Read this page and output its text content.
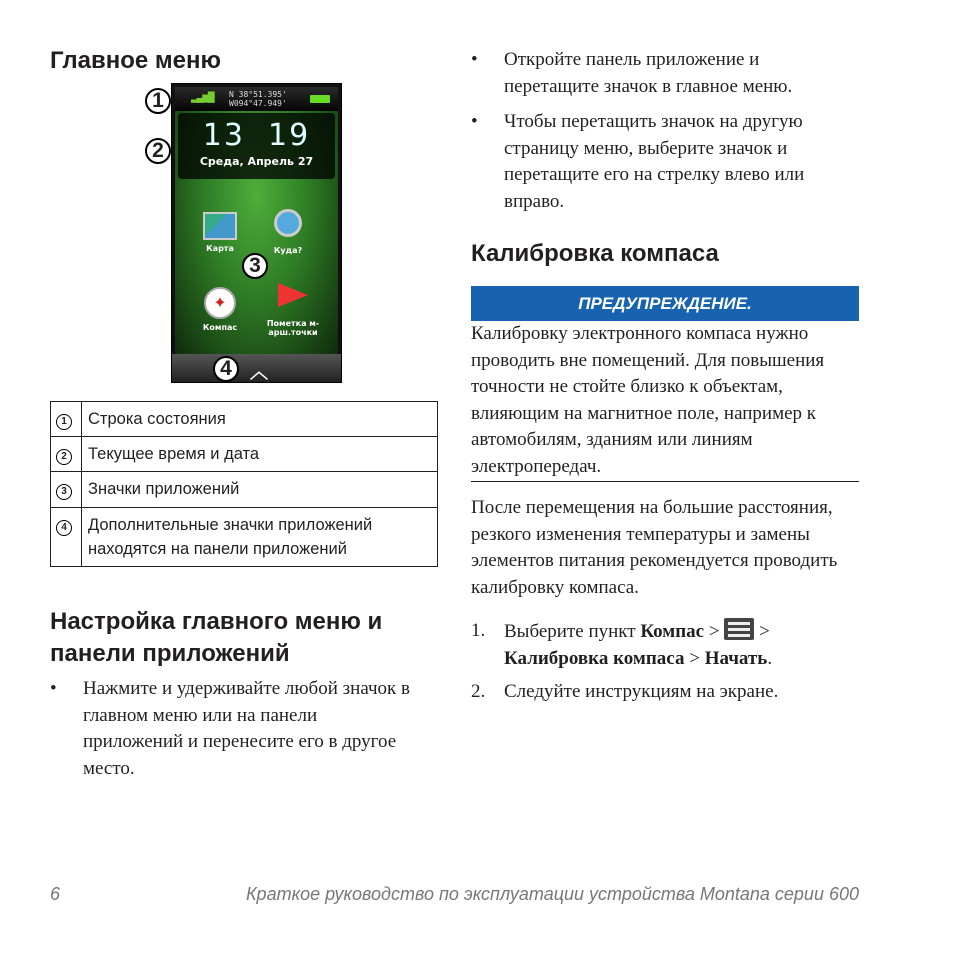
Главное меню
▂▃▅▇ N 38°51.395'
W094°47.949'
13 19
Среда, Апрель 27
Карта	Куда?
✦
Компас	Пометка м-арш.точки
︿
1
2
3
4
1	Строка состояния
2	Текущее время и дата
3	Значки приложений
4	Дополнительные значки приложений находятся на панели приложений
Настройка главного меню и панели приложений
• Нажмите и удерживайте любой значок в главном меню или на панели приложений и перенесите его в другое место.
• Откройте панель приложение и перетащите значок в главное меню.
• Чтобы перетащить значок на другую страницу меню, выберите значок и перетащите его на стрелку влево или вправо.
Калибровка компаса
ПРЕДУПРЕЖДЕНИЕ.
Калибровку электронного компаса нужно проводить вне помещений. Для повышения точности не стойте близко к объектам, влияющим на магнитное поле, например к автомобилям, зданиям или линиям электропередач.
После перемещения на большие расстояния, резкого изменения температуры и замены элементов питания рекомендуется проводить калибровку компаса.
1. Выберите пункт Компас >
>
Калибровка компаса > Начать.
2. Следуйте инструкциям на экране.
6	Краткое руководство по эксплуатации устройства Montana серии 600
